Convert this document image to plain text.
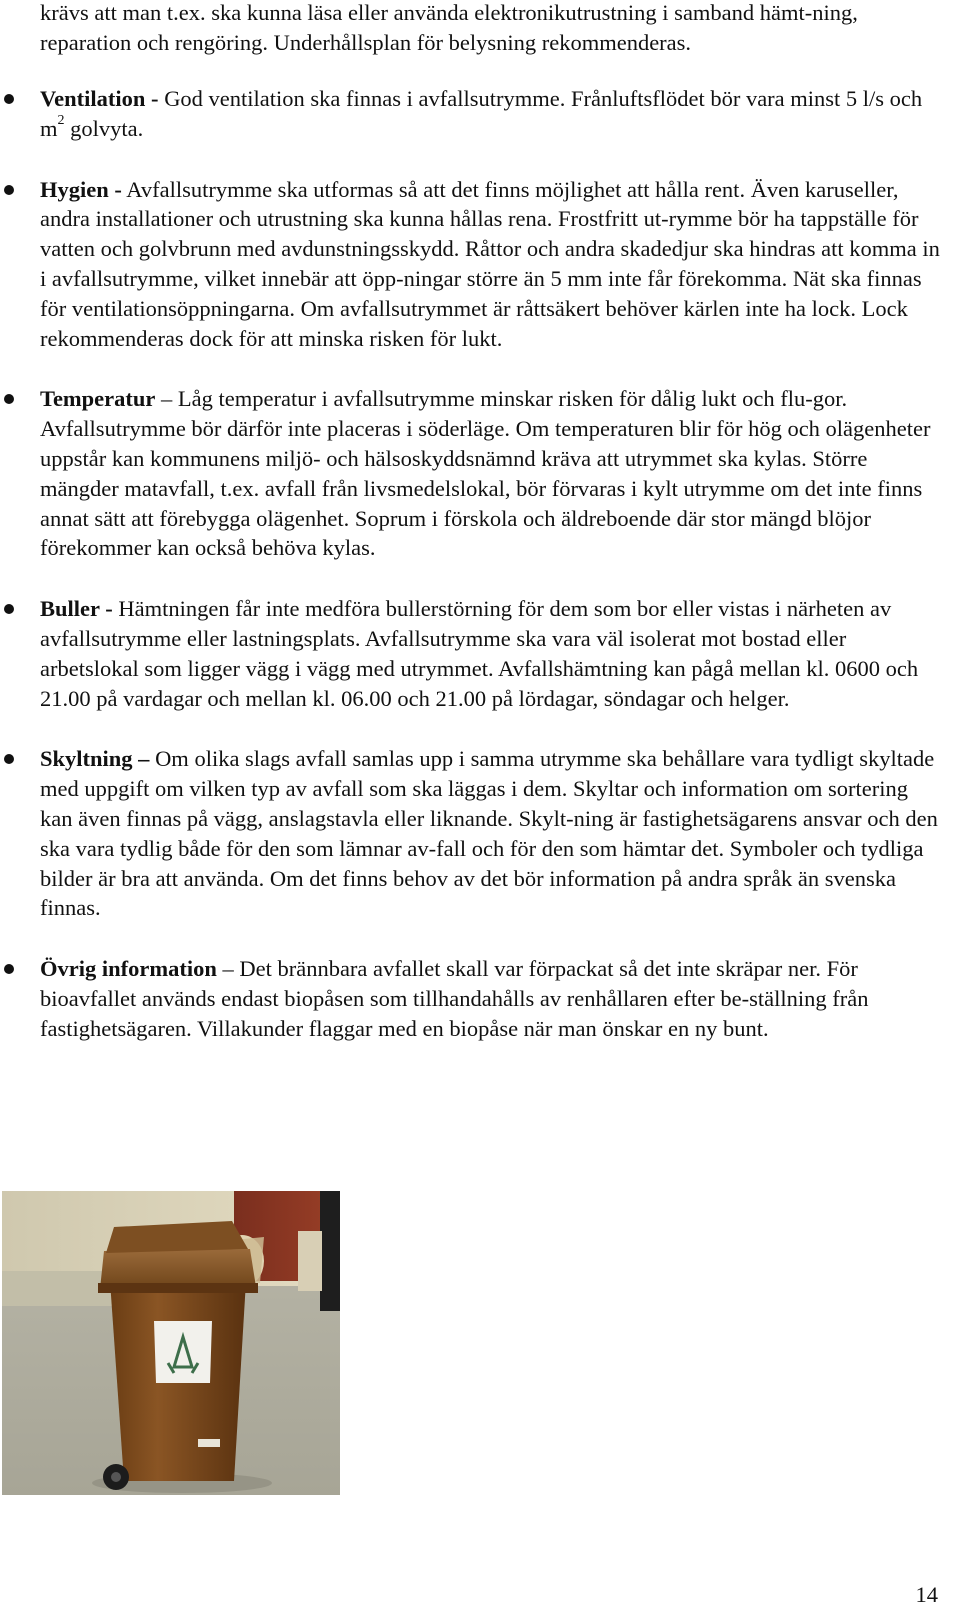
krävs att man t.ex. ska kunna läsa eller använda elektronikutrustning i samband hämt-ning, reparation och rengöring. Underhållsplan för belysning rekommenderas.

Ventilation - God ventilation ska finnas i avfallsutrymme. Frånluftsflödet bör vara minst 5 l/s och $m^2$ golvyta.
Hygien - Avfallsutrymme ska utformas så att det finns möjlighet att hålla rent. Även karuseller, andra installationer och utrustning ska kunna hållas rena. Frostfritt ut-rymme bör ha tappställe för vatten och golvbrunn med avdunstningsskydd. Råttor och andra skadedjur ska hindras att komma in i avfallsutrymme, vilket innebär att öpp-ningar större än 5 mm inte får förekomma. Nät ska finnas för ventilationsöppningarna. Om avfallsutrymmet är råttsäkert behöver kärlen inte ha lock. Lock rekommenderas dock för att minska risken för lukt.
Temperatur – Låg temperatur i avfallsutrymme minskar risken för dålig lukt och flu-gor. Avfallsutrymme bör därför inte placeras i söderläge. Om temperaturen blir för hög och olägenheter uppstår kan kommunens miljö- och hälsoskyddsnämnd kräva att utrymmet ska kylas. Större mängder matavfall, t.ex. avfall från livsmedelslokal, bör förvaras i kylt utrymme om det inte finns annat sätt att förebygga olägenhet. Soprum i förskola och äldreboende där stor mängd blöjor förekommer kan också behöva kylas.
Buller - Hämtningen får inte medföra bullerstörning för dem som bor eller vistas i närheten av avfallsutrymme eller lastningsplats. Avfallsutrymme ska vara väl isolerat mot bostad eller arbetslokal som ligger vägg i vägg med utrymmet. Avfallshämtning kan pågå mellan kl. 0600 och 21.00 på vardagar och mellan kl. 06.00 och 21.00 på lördagar, söndagar och helger.
Skyltning – Om olika slags avfall samlas upp i samma utrymme ska behållare vara tydligt skyltade med uppgift om vilken typ av avfall som ska läggas i dem. Skyltar och information om sortering kan även finnas på vägg, anslagstavla eller liknande. Skylt-ning är fastighetsägarens ansvar och den ska vara tydlig både för den som lämnar av-fall och för den som hämtar det. Symboler och tydliga bilder är bra att använda. Om det finns behov av det bör information på andra språk än svenska finnas.
Övrig information – Det brännbara avfallet skall var förpackat så det inte skräpar ner. För bioavfallet används endast biopåsen som tillhandahålls av renhållaren efter be-ställning från fastighetsägaren. Villakunder flaggar med en biopåse när man önskar en ny bunt.
14
